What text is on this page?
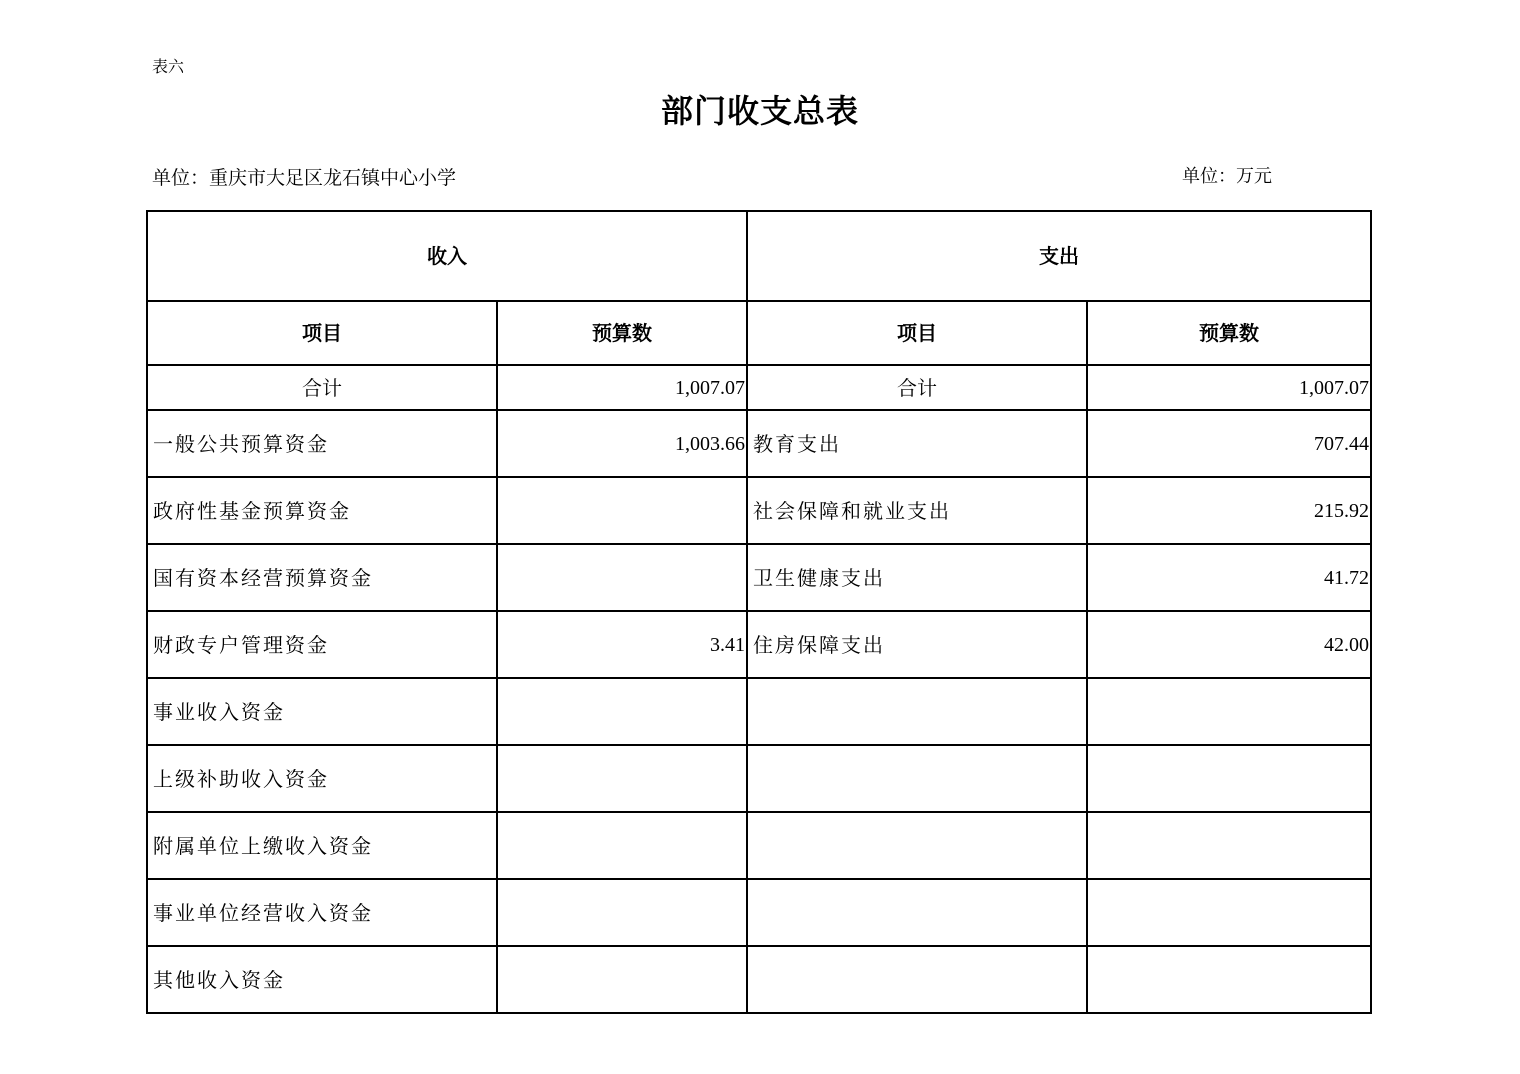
表六
部门收支总表
单位：重庆市大足区龙石镇中心小学	单位：万元
收入		支出	
项目	预算数	项目	预算数
合计	1,007.07	合计	1,007.07
一般公共预算资金	1,003.66	教育支出	707.44
政府性基金预算资金		社会保障和就业支出	215.92
国有资本经营预算资金		卫生健康支出	41.72
财政专户管理资金	3.41	住房保障支出	42.00
事业收入资金			
上级补助收入资金			
附属单位上缴收入资金			
事业单位经营收入资金			
其他收入资金			
